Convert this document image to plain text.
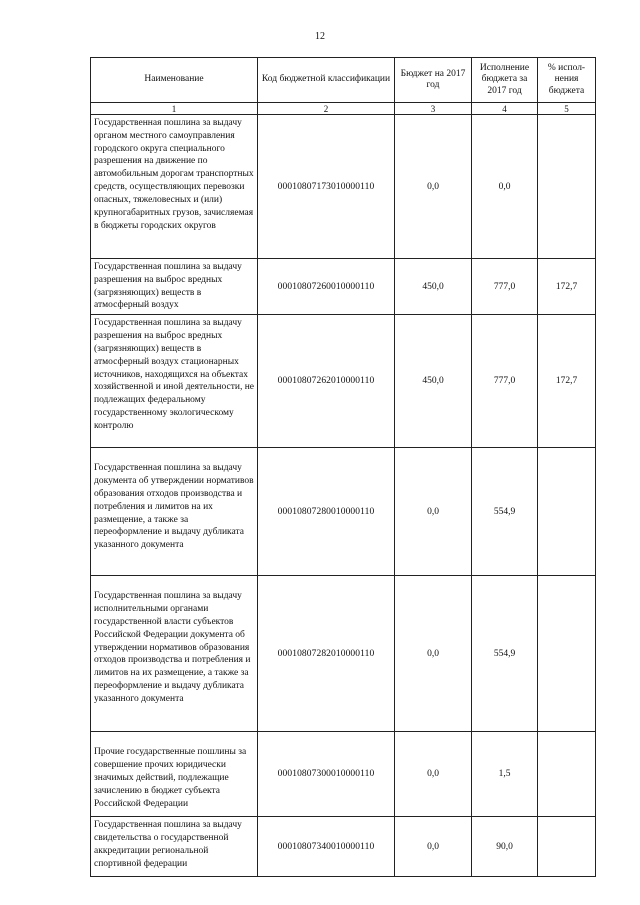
12
Наименование	Код бюджетной классификации	Бюджет на 2017 год	Исполнение бюджета за 2017 год	% испол-нения бюджета
1	2	3	4	5
Государственная пошлина за выдачу органом местного самоуправления городского округа специального разрешения на движение по автомобильным дорогам транспортных средств, осуществляющих перевозки опасных, тяжеловесных и (или) крупногабаритных грузов, зачисляемая в бюджеты городских округов	00010807173010000110	0,0	0,0	
Государственная пошлина за выдачу разрешения на выброс вредных (загрязняющих) веществ в атмосферный воздух	00010807260010000110	450,0	777,0	172,7
Государственная пошлина за выдачу разрешения на выброс вредных (загрязняющих) веществ в атмосферный воздух стационарных источников, находящихся на объектах хозяйственной и иной деятельности, не подлежащих федеральному государственному экологическому контролю	00010807262010000110	450,0	777,0	172,7
Государственная пошлина за выдачу документа об утверждении нормативов образования отходов производства и потребления и лимитов на их размещение, а также за переоформление и выдачу дубликата указанного документа	00010807280010000110	0,0	554,9	
Государственная пошлина за выдачу исполнительными органами государственной власти субъектов Российской Федерации документа об утверждении нормативов образования отходов производства и потребления и лимитов на их размещение, а также за переоформление и выдачу дубликата указанного документа	00010807282010000110	0,0	554,9	
Прочие государственные пошлины за совершение прочих юридически значимых действий, подлежащие зачислению в бюджет субъекта Российской Федерации	00010807300010000110	0,0	1,5	
Государственная пошлина за выдачу свидетельства о государственной аккредитации региональной спортивной федерации	00010807340010000110	0,0	90,0	
